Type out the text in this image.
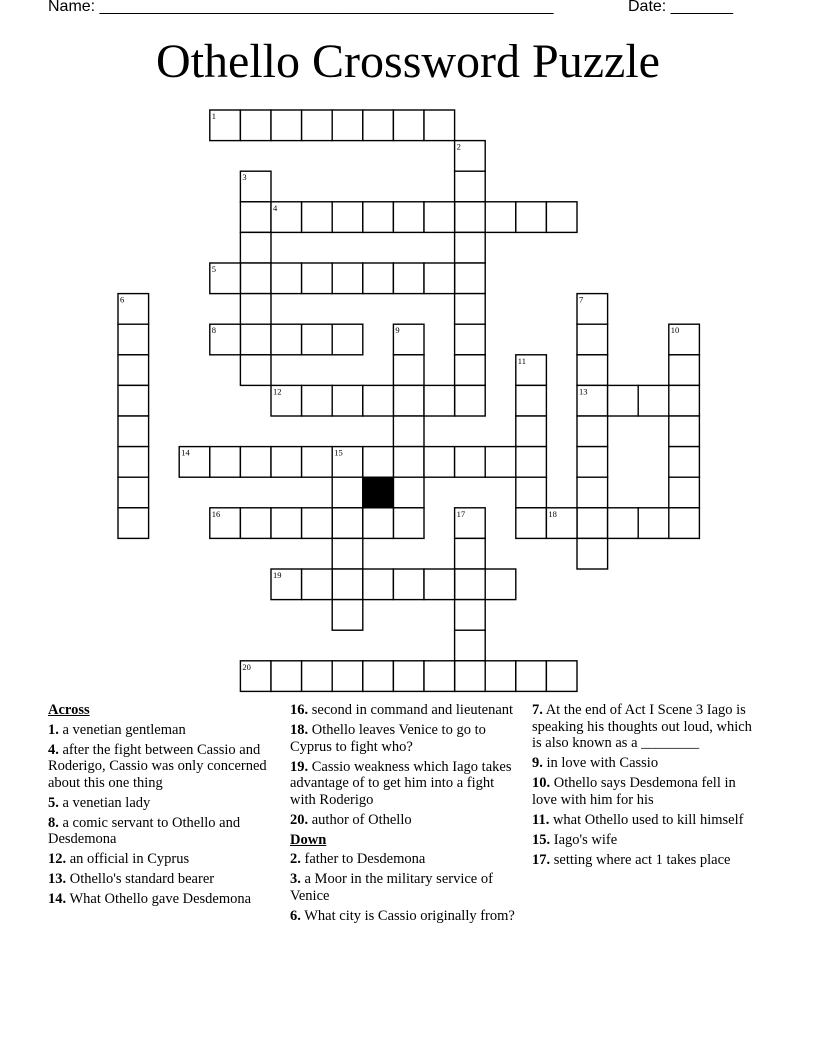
Name: ___________________________________________________	Date: _______
Othello Crossword Puzzle
1
2
3
4
5
6	7
13
8	9	10
11
12
14	15
16	17	18
19
20
Across
1. a venetian gentleman
4. after the fight between Cassio and Roderigo, Cassio was only concerned about this one thing
5. a venetian lady
8. a comic servant to Othello and Desdemona
12. an official in Cyprus
13. Othello's standard bearer
14. What Othello gave Desdemona
16. second in command and lieutenant
18. Othello leaves Venice to go to Cyprus to fight who?
19. Cassio weakness which Iago takes advantage of to get him into a fight with Roderigo
20. author of Othello
Down
2. father to Desdemona
3. a Moor in the military service of Venice
6. What city is Cassio originally from?
7. At the end of Act I Scene 3 Iago is speaking his thoughts out loud, which is also known as a ________
9. in love with Cassio
10. Othello says Desdemona fell in love with him for his
11. what Othello used to kill himself
15. Iago's wife
17. setting where act 1 takes place
